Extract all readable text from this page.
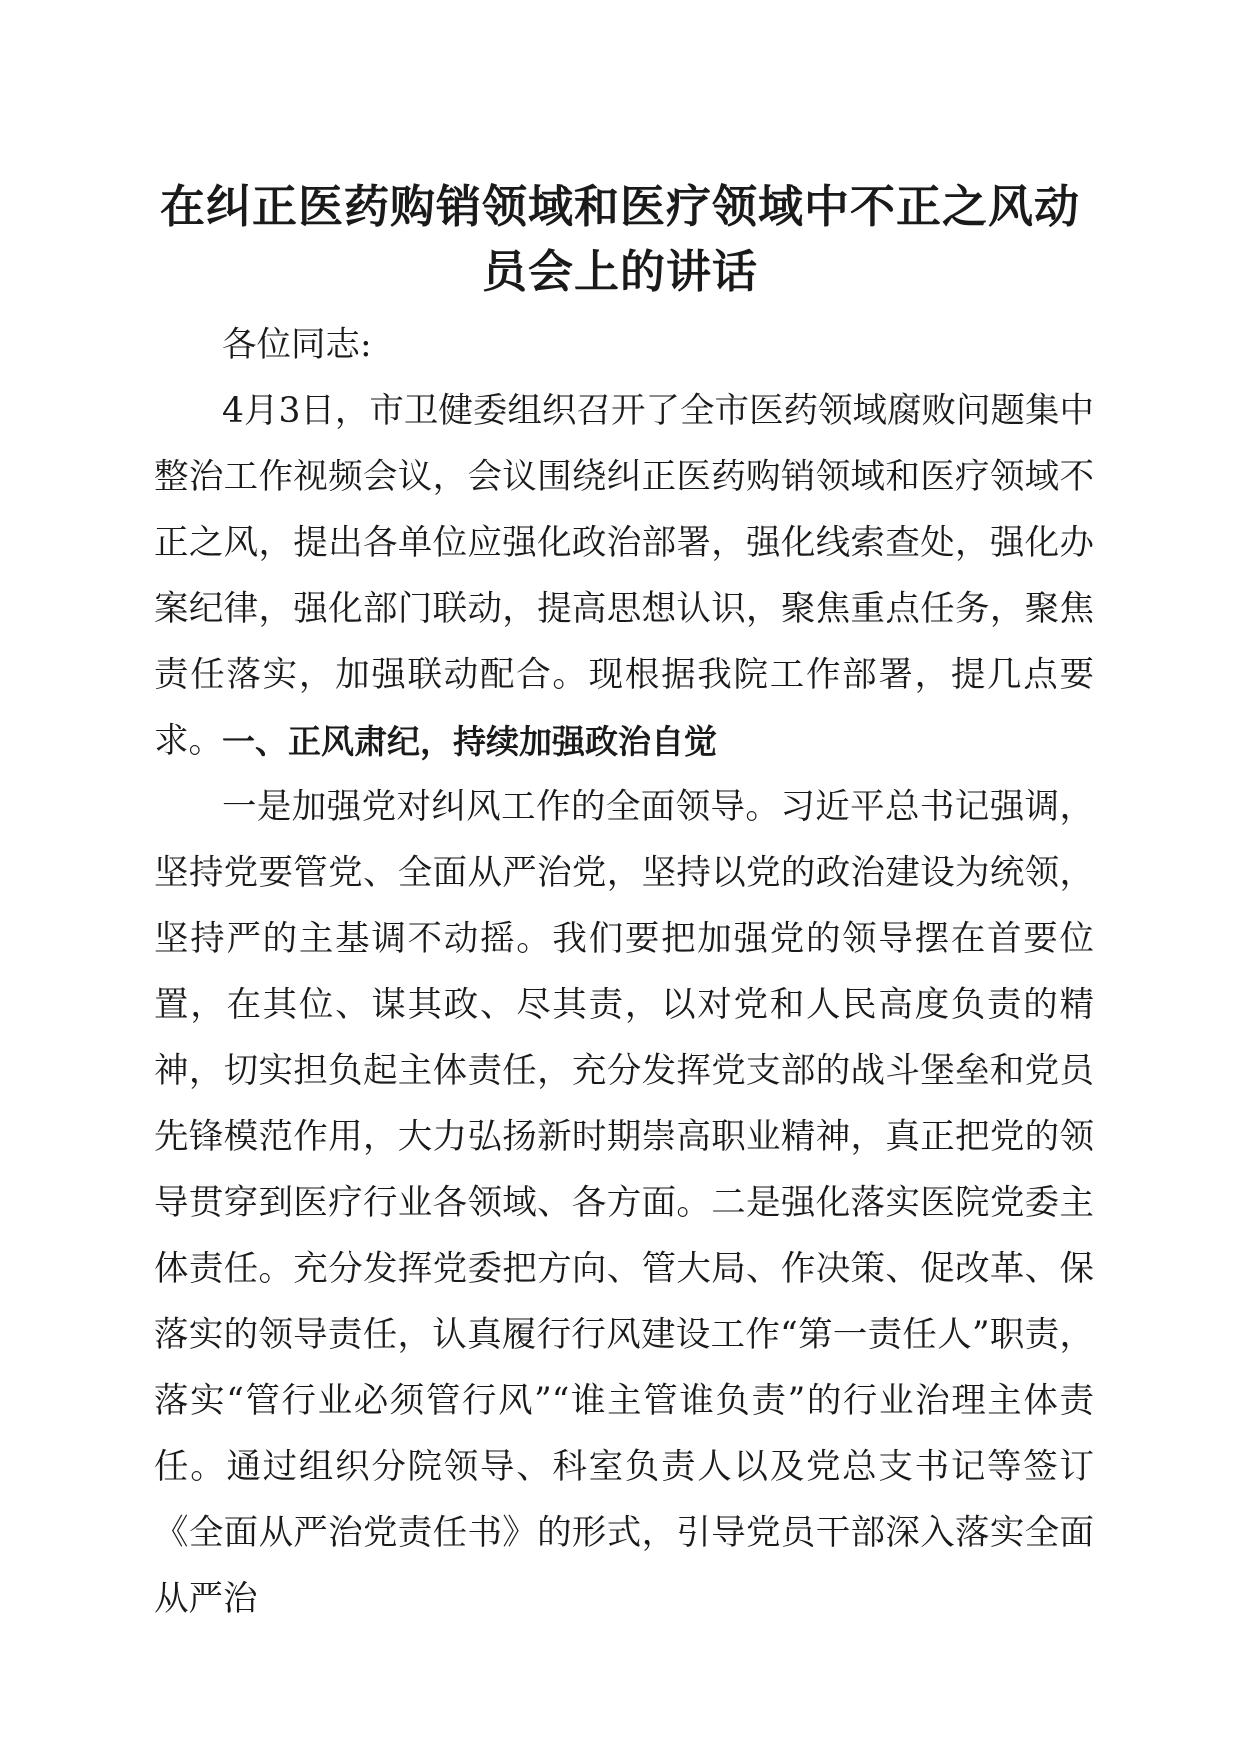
在纠正医药购销领域和医疗领域中不正之风动
员会上的讲话

各位同志:

4月3日，市卫健委组织召开了全市医药领域腐败问题集中整治工作视频会议，会议围绕纠正医药购销领域和医疗领域不正之风，提出各单位应强化政治部署，强化线索查处，强化办案纪律，强化部门联动，提高思想认识，聚焦重点任务，聚焦责任落实，加强联动配合。现根据我院工作部署，提几点要求。 一、正风肃纪，持续加强政治自觉

一是加强党对纠风工作的全面领导。习近平总书记强调，坚持党要管党、全面从严治党，坚持以党的政治建设为统领，坚持严的主基调不动摇。我们要把加强党的领导摆在首要位置，在其位、谋其政、尽其责，以对党和人民高度负责的精神，切实担负起主体责任，充分发挥党支部的战斗堡垒和党员先锋模范作用，大力弘扬新时期崇高职业精神，真正把党的领导贯穿到医疗行业各领域、各方面。二是强化落实医院党委主体责任。充分发挥党委把方向、管大局、作决策、促改革、保落实的领导责任，认真履行行风建设工作“第一责任人”职责，落实“管行业必须管行风”“谁主管谁负责”的行业治理主体责任。通过组织分院领导、科室负责人以及党总支书记等签订《全面从严治党责任书》的形式，引导党员干部深入落实全面从严治
